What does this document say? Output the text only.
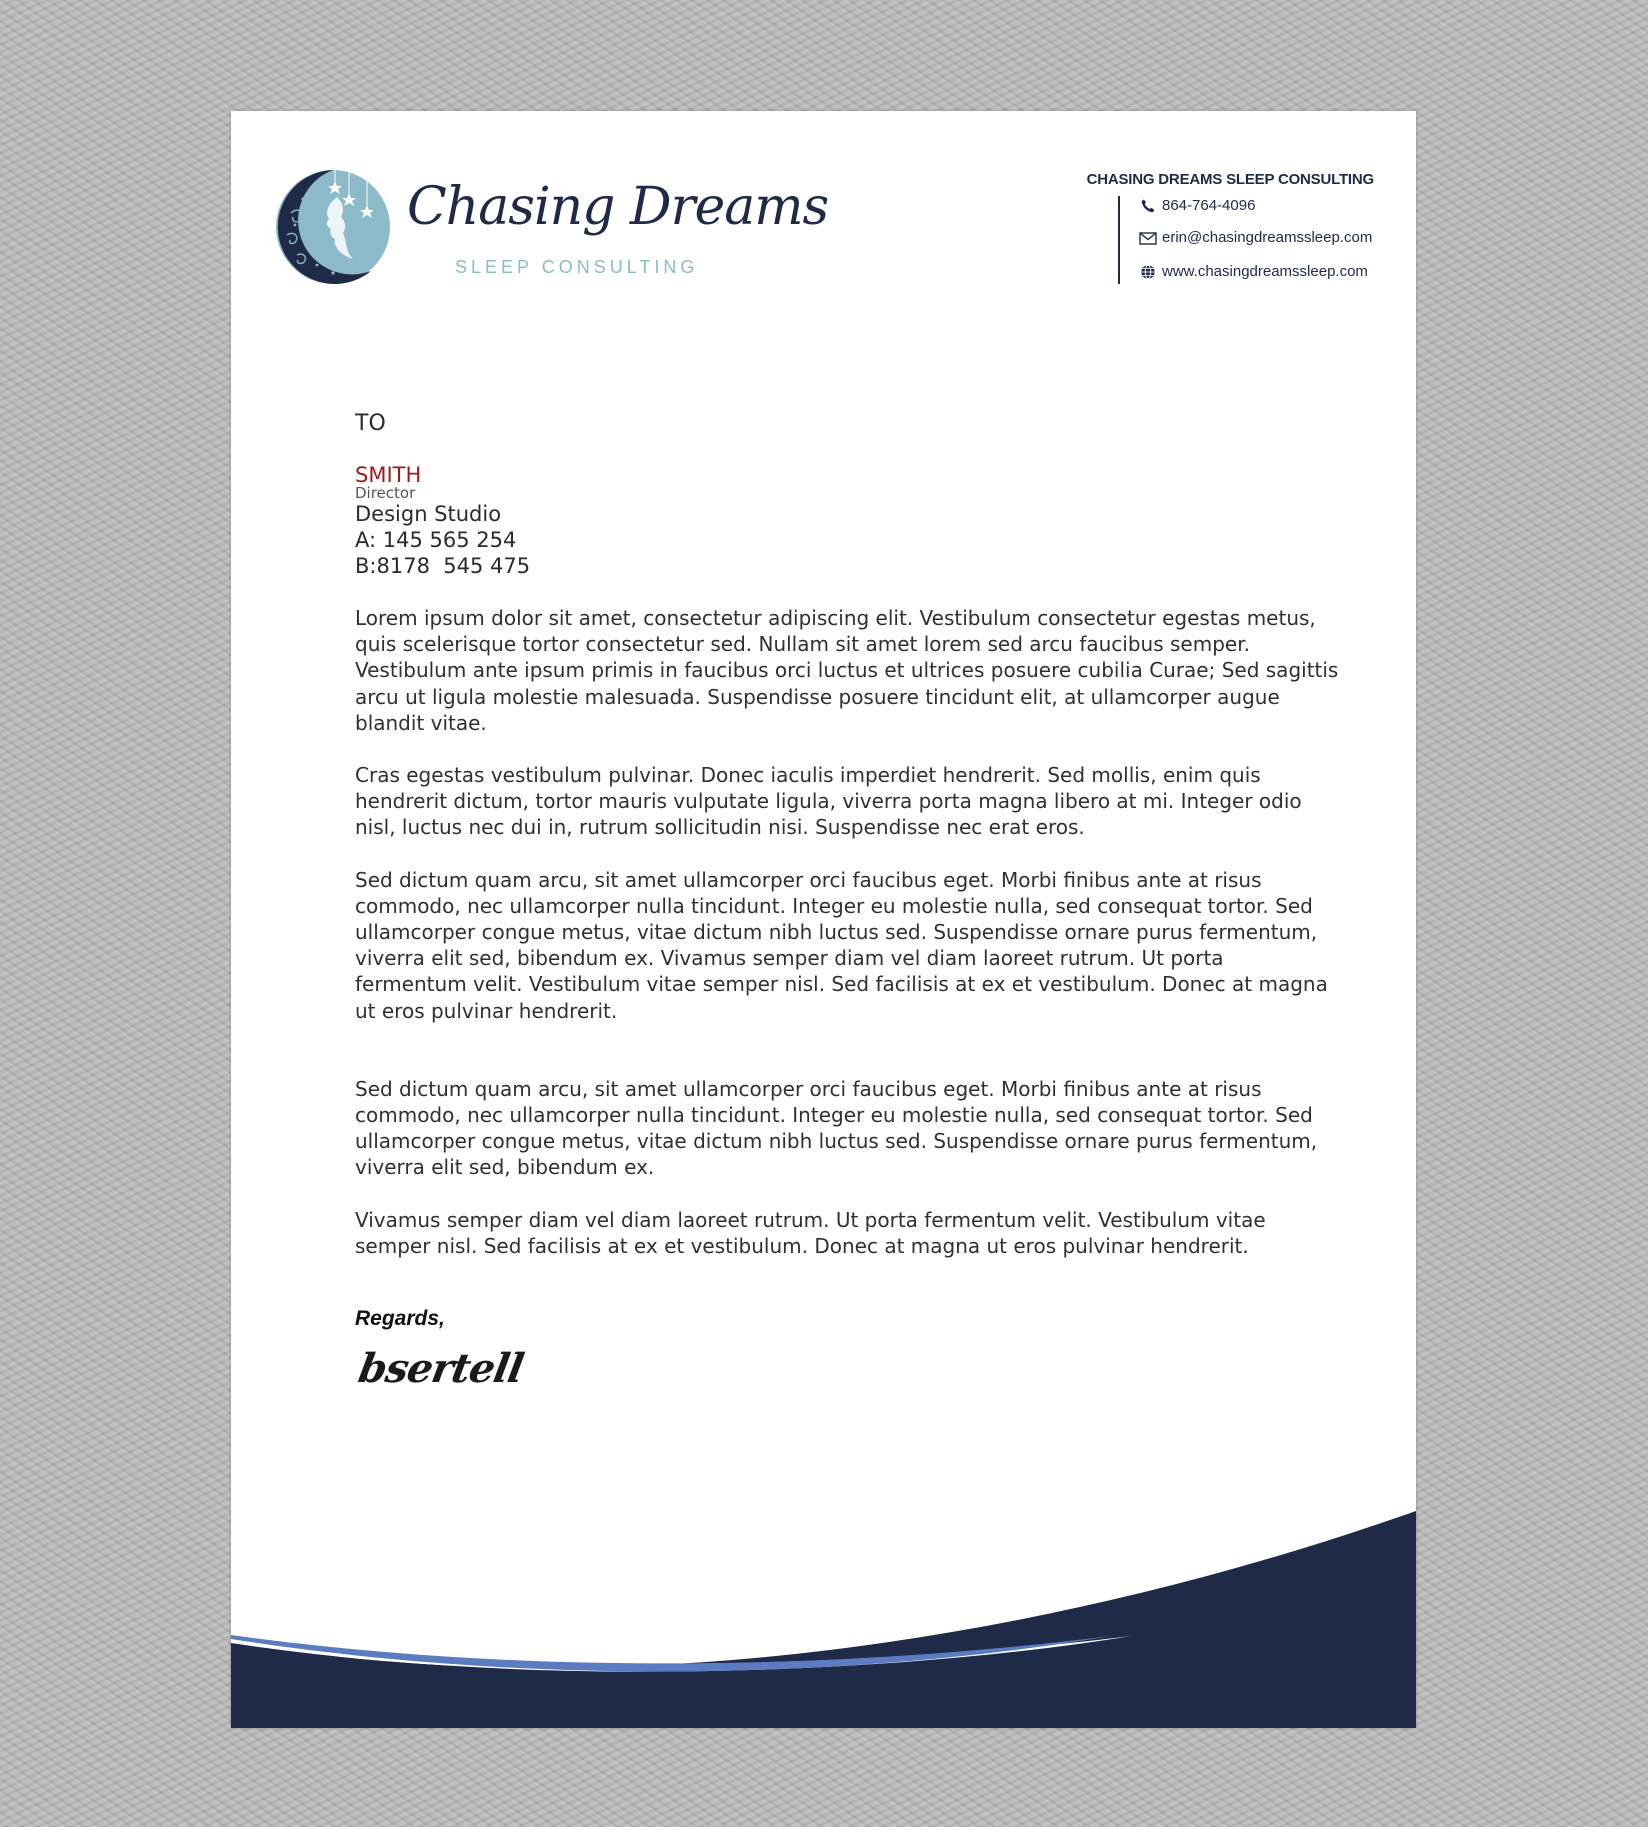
Chasing Dreams
SLEEP CONSULTING
CHASING DREAMS SLEEP CONSULTING
864-764-4096
erin@chasingdreamssleep.com
www.chasingdreamssleep.com
TO
SMITH
Director
Design Studio
A: 145 565 254
B:8178  545 475

Lorem ipsum dolor sit amet, consectetur adipiscing elit. Vestibulum consectetur egestas metus, quis scelerisque tortor consectetur sed. Nullam sit amet lorem sed arcu faucibus semper. Vestibulum ante ipsum primis in faucibus orci luctus et ultrices posuere cubilia Curae; Sed sagittis arcu ut ligula molestie malesuada. Suspendisse posuere tincidunt elit, at ullamcorper augue blandit vitae.

Cras egestas vestibulum pulvinar. Donec iaculis imperdiet hendrerit. Sed mollis, enim quis hendrerit dictum, tortor mauris vulputate ligula, viverra porta magna libero at mi. Integer odio nisl, luctus nec dui in, rutrum sollicitudin nisi. Suspendisse nec erat eros.

Sed dictum quam arcu, sit amet ullamcorper orci faucibus eget. Morbi finibus ante at risus commodo, nec ullamcorper nulla tincidunt. Integer eu molestie nulla, sed consequat tortor. Sed ullamcorper congue metus, vitae dictum nibh luctus sed. Suspendisse ornare purus fermentum, viverra elit sed, bibendum ex. Vivamus semper diam vel diam laoreet rutrum. Ut porta fermentum velit. Vestibulum vitae semper nisl. Sed facilisis at ex et vestibulum. Donec at magna ut eros pulvinar hendrerit.

Sed dictum quam arcu, sit amet ullamcorper orci faucibus eget. Morbi finibus ante at risus commodo, nec ullamcorper nulla tincidunt. Integer eu molestie nulla, sed consequat tortor. Sed ullamcorper congue metus, vitae dictum nibh luctus sed. Suspendisse ornare purus fermentum, viverra elit sed, bibendum ex.

Vivamus semper diam vel diam laoreet rutrum. Ut porta fermentum velit. Vestibulum vitae semper nisl. Sed facilisis at ex et vestibulum. Donec at magna ut eros pulvinar hendrerit.

Regards,
bsertell
